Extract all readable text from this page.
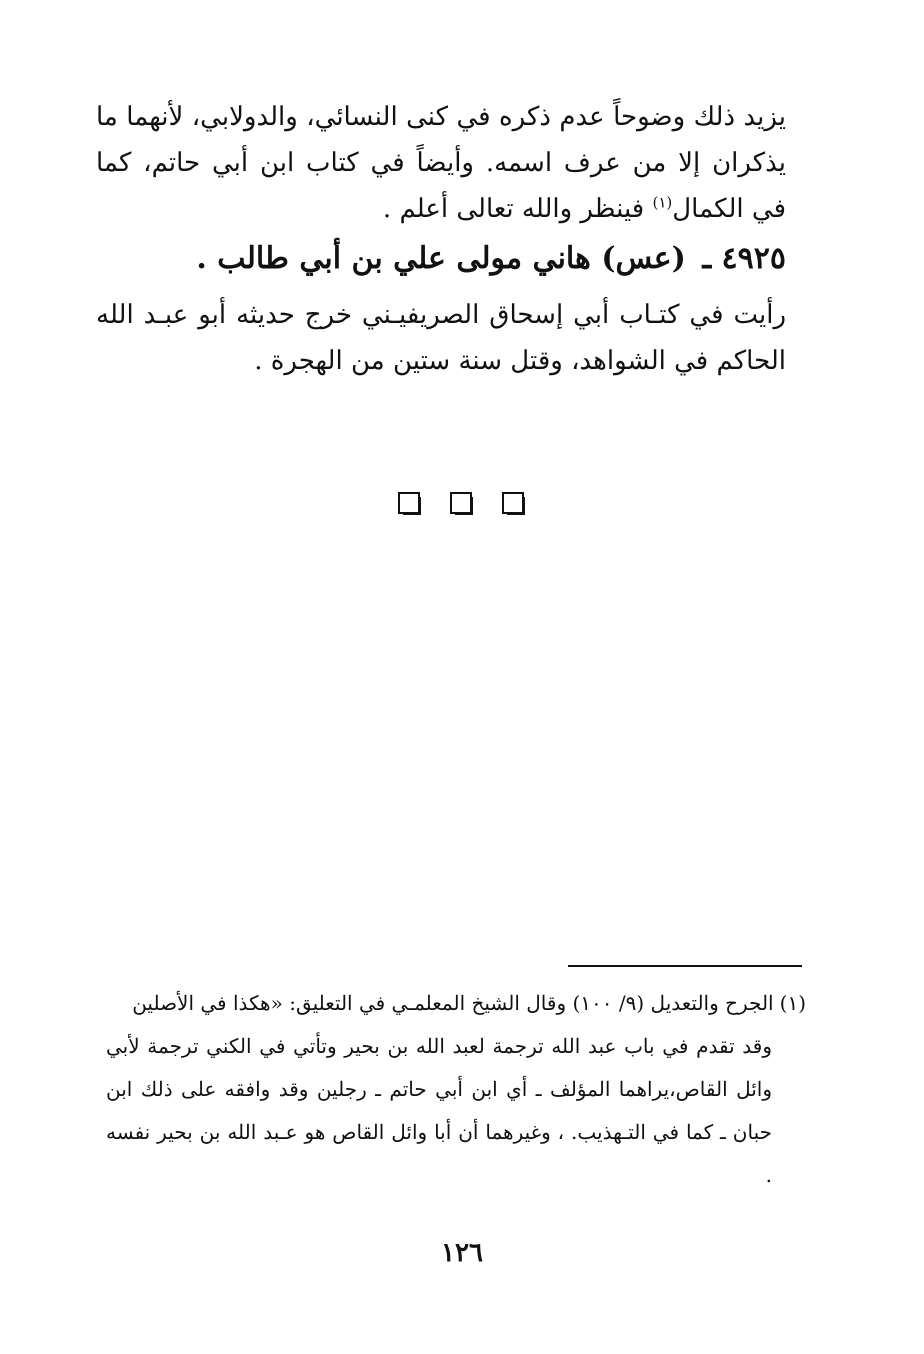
يزيد ذلك وضوحاً عدم ذكره في كنى النسائي، والدولابي، لأنهما ما يذكران إلا من عرف اسمه. وأيضاً في كتاب ابن أبي حاتم، كما في الكمال$^{(١)}$ فينظر والله تعالى أعلم .

٤٩٢٥ ـ (عس) هاني مولى علي بن أبي طالب .

رأيت في كتـاب أبي إسحاق الصريفيـني خرج حديثه أبو عبـد الله الحاكم في الشواهد، وقتل سنة ستين من الهجرة .

(١)الجرح والتعديل (٩/ ١٠٠) وقال الشيخ المعلمـي في التعليق: «هكذا في الأصلين
وقد تقدم في باب عبد الله ترجمة لعبد الله بن بحير وتأتي في الكني ترجمة لأبي وائل القاص،يراهما المؤلف ـ أي ابن أبي حاتم ـ رجلين وقد وافقه على ذلك ابن حبان ـ كما في التـهذيب. ، وغيرهما أن أبا وائل القاص هو عـبد الله بن بحير نفسه .
١٢٦
